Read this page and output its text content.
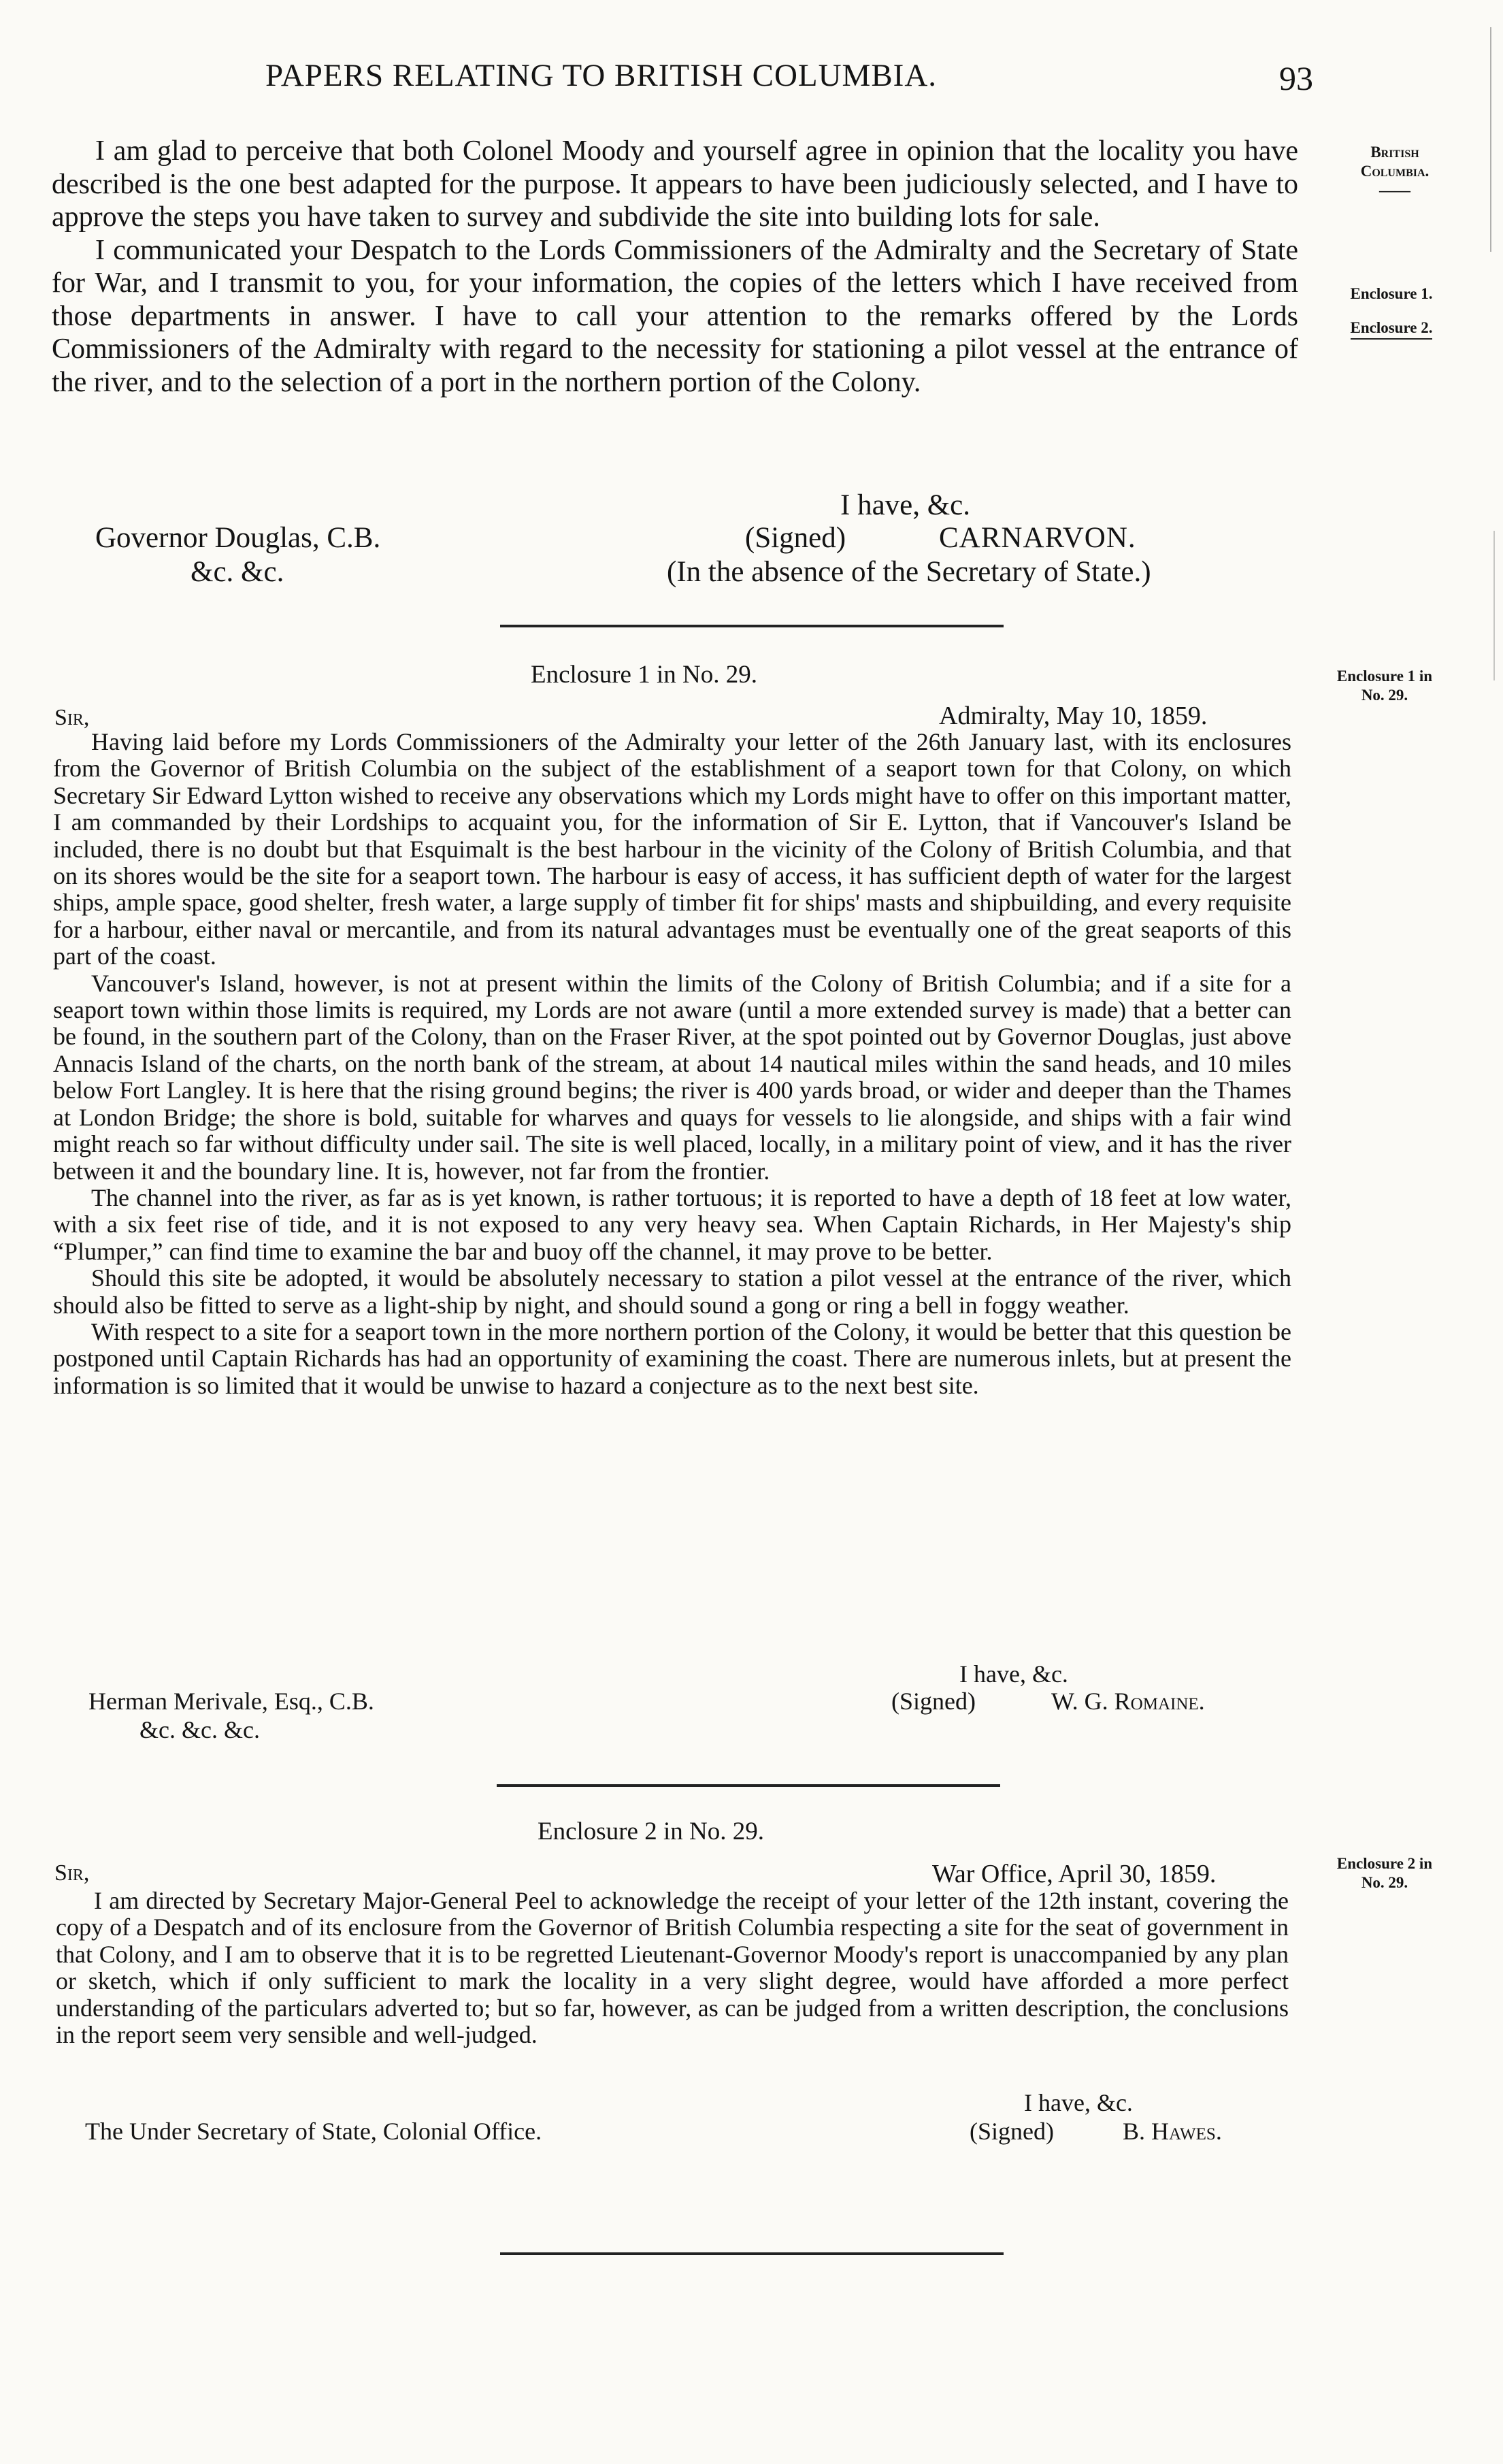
PAPERS RELATING TO BRITISH COLUMBIA.	93
British
Columbia.
——
Enclosure 1.
Enclosure 2.

I am glad to perceive that both Colonel Moody and yourself agree in opinion that the locality you have described is the one best adapted for the purpose. It appears to have been judiciously selected, and I have to approve the steps you have taken to survey and subdivide the site into building lots for sale.

I communicated your Despatch to the Lords Commissioners of the Admiralty and the Secretary of State for War, and I transmit to you, for your information, the copies of the letters which I have received from those departments in answer. I have to call your attention to the remarks offered by the Lords Commissioners of the Admiralty with regard to the necessity for stationing a pilot vessel at the entrance of the river, and to the selection of a port in the northern portion of the Colony.

I have, &c.
(Signed)	CARNARVON.
(In the absence of the Secretary of State.)
Governor Douglas, C.B.
&c. &c.
Enclosure 1 in No. 29.	Enclosure 1 in
No. 29.
Sir,	Admiralty, May 10, 1859.

Having laid before my Lords Commissioners of the Admiralty your letter of the 26th January last, with its enclosures from the Governor of British Columbia on the subject of the establishment of a seaport town for that Colony, on which Secretary Sir Edward Lytton wished to receive any observations which my Lords might have to offer on this important matter, I am commanded by their Lordships to acquaint you, for the information of Sir E. Lytton, that if Vancouver's Island be included, there is no doubt but that Esquimalt is the best harbour in the vicinity of the Colony of British Columbia, and that on its shores would be the site for a seaport town. The harbour is easy of access, it has sufficient depth of water for the largest ships, ample space, good shelter, fresh water, a large supply of timber fit for ships' masts and shipbuilding, and every requisite for a harbour, either naval or mercantile, and from its natural advantages must be eventually one of the great seaports of this part of the coast.

Vancouver's Island, however, is not at present within the limits of the Colony of British Columbia; and if a site for a seaport town within those limits is required, my Lords are not aware (until a more extended survey is made) that a better can be found, in the southern part of the Colony, than on the Fraser River, at the spot pointed out by Governor Douglas, just above Annacis Island of the charts, on the north bank of the stream, at about 14 nautical miles within the sand heads, and 10 miles below Fort Langley. It is here that the rising ground begins; the river is 400 yards broad, or wider and deeper than the Thames at London Bridge; the shore is bold, suitable for wharves and quays for vessels to lie alongside, and ships with a fair wind might reach so far without difficulty under sail. The site is well placed, locally, in a military point of view, and it has the river between it and the boundary line. It is, however, not far from the frontier.

The channel into the river, as far as is yet known, is rather tortuous; it is reported to have a depth of 18 feet at low water, with a six feet rise of tide, and it is not exposed to any very heavy sea. When Captain Richards, in Her Majesty's ship “Plumper,” can find time to examine the bar and buoy off the channel, it may prove to be better.

Should this site be adopted, it would be absolutely necessary to station a pilot vessel at the entrance of the river, which should also be fitted to serve as a light-ship by night, and should sound a gong or ring a bell in foggy weather.

With respect to a site for a seaport town in the more northern portion of the Colony, it would be better that this question be postponed until Captain Richards has had an opportunity of examining the coast. There are numerous inlets, but at present the information is so limited that it would be unwise to hazard a conjecture as to the next best site.

I have, &c.
(Signed)	W. G. Romaine.
Herman Merivale, Esq., C.B.
&c. &c. &c.
Enclosure 2 in No. 29.
Enclosure 2 in
No. 29.
Sir,	War Office, April 30, 1859.

I am directed by Secretary Major-General Peel to acknowledge the receipt of your letter of the 12th instant, covering the copy of a Despatch and of its enclosure from the Governor of British Columbia respecting a site for the seat of government in that Colony, and I am to observe that it is to be regretted Lieutenant-Governor Moody's report is unaccompanied by any plan or sketch, which if only sufficient to mark the locality in a very slight degree, would have afforded a more perfect understanding of the particulars adverted to; but so far, however, as can be judged from a written description, the conclusions in the report seem very sensible and well-judged.

I have, &c.
(Signed)	B. Hawes.
The Under Secretary of State, Colonial Office.
